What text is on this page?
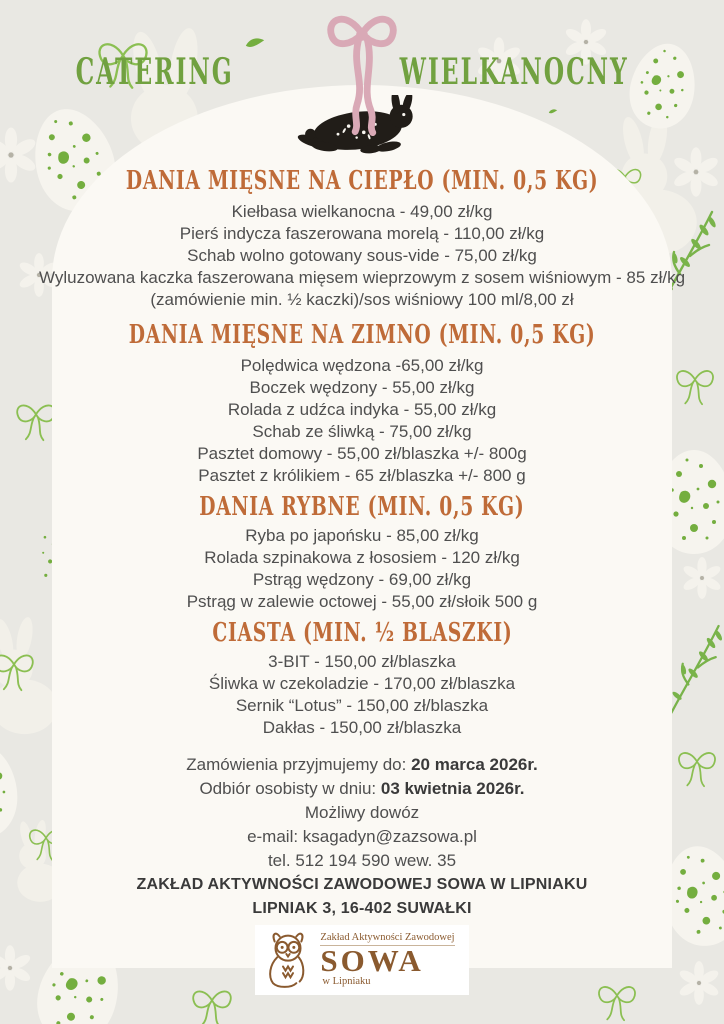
CATERING	WIELKANOCNY
DANIA MIĘSNE NA CIEPŁO (MIN. 0,5 KG)

Kiełbasa wielkanocna - 49,00 zł/kg

Pierś indycza faszerowana morelą - 110,00 zł/kg

Schab wolno gotowany sous-vide - 75,00 zł/kg

Wyluzowana kaczka faszerowana mięsem wieprzowym z sosem wiśniowym - 85 zł/kg (zamówienie min. ½ kaczki)/sos wiśniowy 100 ml/8,00 zł

DANIA MIĘSNE NA ZIMNO (MIN. 0,5 KG)

Polędwica wędzona -65,00 zł/kg

Boczek wędzony - 55,00 zł/kg

Rolada z udźca indyka - 55,00 zł/kg

Schab ze śliwką - 75,00 zł/kg

Pasztet domowy - 55,00 zł/blaszka +/- 800g

Pasztet z królikiem - 65 zł/blaszka +/- 800 g

DANIA RYBNE (MIN. 0,5 KG)

Ryba po japońsku - 85,00 zł/kg

Rolada szpinakowa z łososiem - 120 zł/kg

Pstrąg wędzony - 69,00 zł/kg

Pstrąg w zalewie octowej - 55,00 zł/słoik 500 g

CIASTA (MIN. ½ BLASZKI)

3-BIT - 150,00 zł/blaszka

Śliwka w czekoladzie - 170,00 zł/blaszka

Sernik “Lotus” - 150,00 zł/blaszka

Dakłas - 150,00 zł/blaszka

Zamówienia przyjmujemy do: 20 marca 2026r.

Odbiór osobisty w dniu: 03 kwietnia 2026r.

Możliwy dowóz

e-mail: ksagadyn@zazsowa.pl

tel. 512 194 590 wew. 35

ZAKŁAD AKTYWNOŚCI ZAWODOWEJ SOWA W LIPNIAKU

LIPNIAK 3, 16-402 SUWAŁKI

Zakład Aktywności Zawodowej
SOWA
w Lipniaku
